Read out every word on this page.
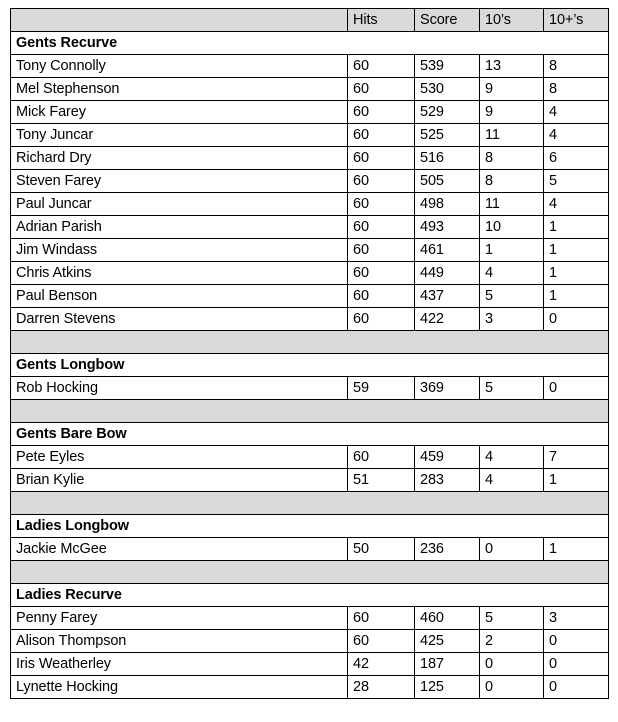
	Hits	Score	10’s	10+’s
Gents Recurve				
Tony Connolly	60	539	13	8
Mel Stephenson	60	530	9	8
Mick Farey	60	529	9	4
Tony Juncar	60	525	11	4
Richard Dry	60	516	8	6
Steven Farey	60	505	8	5
Paul Juncar	60	498	11	4
Adrian Parish	60	493	10	1
Jim Windass	60	461	1	1
Chris Atkins	60	449	4	1
Paul Benson	60	437	5	1
Darren Stevens	60	422	3	0

Gents Longbow				
Rob Hocking	59	369	5	0

Gents Bare Bow				
Pete Eyles	60	459	4	7
Brian Kylie	51	283	4	1

Ladies Longbow				
Jackie McGee	50	236	0	1

Ladies Recurve				
Penny Farey	60	460	5	3
Alison Thompson	60	425	2	0
Iris Weatherley	42	187	0	0
Lynette Hocking	28	125	0	0
